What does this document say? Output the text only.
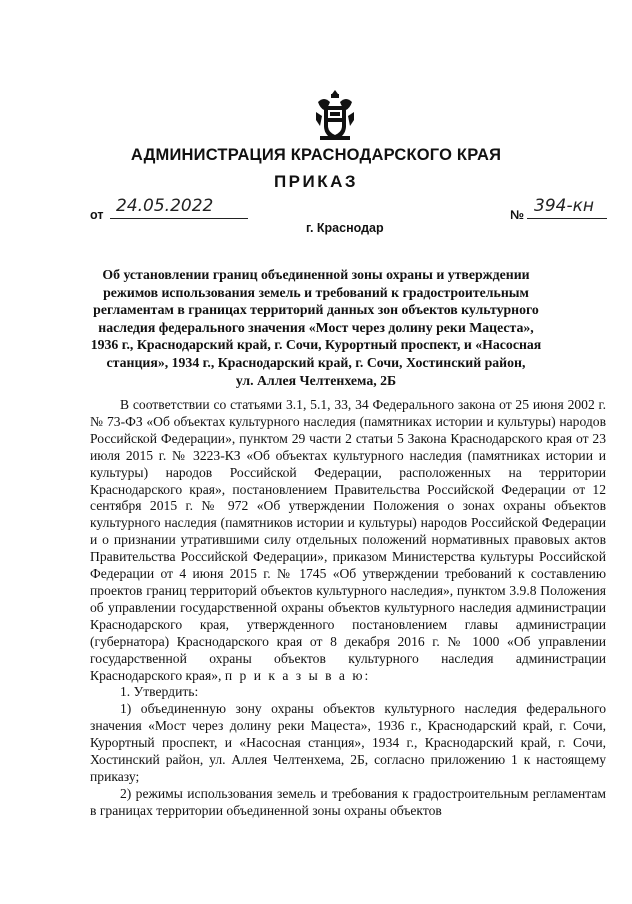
АДМИНИСТРАЦИЯ КРАСНОДАРСКОГО КРАЯ
ПРИКАЗ
от 24.05.2022
г. Краснодар
№ 394-кн
Об установлении границ объединенной зоны охраны и утверждении
режимов использования земель и требований к градостроительным
регламентам в границах территорий данных зон объектов культурного
наследия федерального значения «Мост через долину реки Мацеста»,
1936 г., Краснодарский край, г. Сочи, Курортный проспект, и «Насосная
станция», 1934 г., Краснодарский край, г. Сочи, Хостинский район,
ул. Аллея Челтенхема, 2Б

В соответствии со статьями 3.1, 5.1, 33, 34 Федерального закона от 25 июня 2002 г. № 73-ФЗ «Об объектах культурного наследия (памятниках истории и культуры) народов Российской Федерации», пунктом 29 части 2 статьи 5 Закона Краснодарского края от 23 июля 2015 г. № 3223-КЗ «Об объектах культурного наследия (памятниках истории и культуры) народов Российской Федерации, расположенных на территории Краснодарского края», постановлением Правительства Российской Федерации от 12 сентября 2015 г. № 972 «Об утверждении Положения о зонах охраны объектов культурного наследия (памятников истории и культуры) народов Российской Федерации и о признании утратившими силу отдельных положений нормативных правовых актов Правительства Российской Федерации», приказом Министерства культуры Российской Федерации от 4 июня 2015 г. № 1745 «Об утверждении требований к составлению проектов границ территорий объектов культурного наследия», пунктом 3.9.8 Положения об управлении государственной охраны объектов культурного наследия администрации Краснодарского края, утвержденного постановлением главы администрации (губернатора) Краснодарского края от 8 декабря 2016 г. № 1000 «Об управлении государственной охраны объектов культурного наследия администрации Краснодарского края», п р и к а з ы в а ю:

1. Утвердить:

1) объединенную зону охраны объектов культурного наследия федерального значения «Мост через долину реки Мацеста», 1936 г., Краснодарский край, г. Сочи, Курортный проспект, и «Насосная станция», 1934 г., Краснодарский край, г. Сочи, Хостинский район, ул. Аллея Челтенхема, 2Б, согласно приложению 1 к настоящему приказу;

2) режимы использования земель и требования к градостроительным регламентам в границах территории объединенной зоны охраны объектов
